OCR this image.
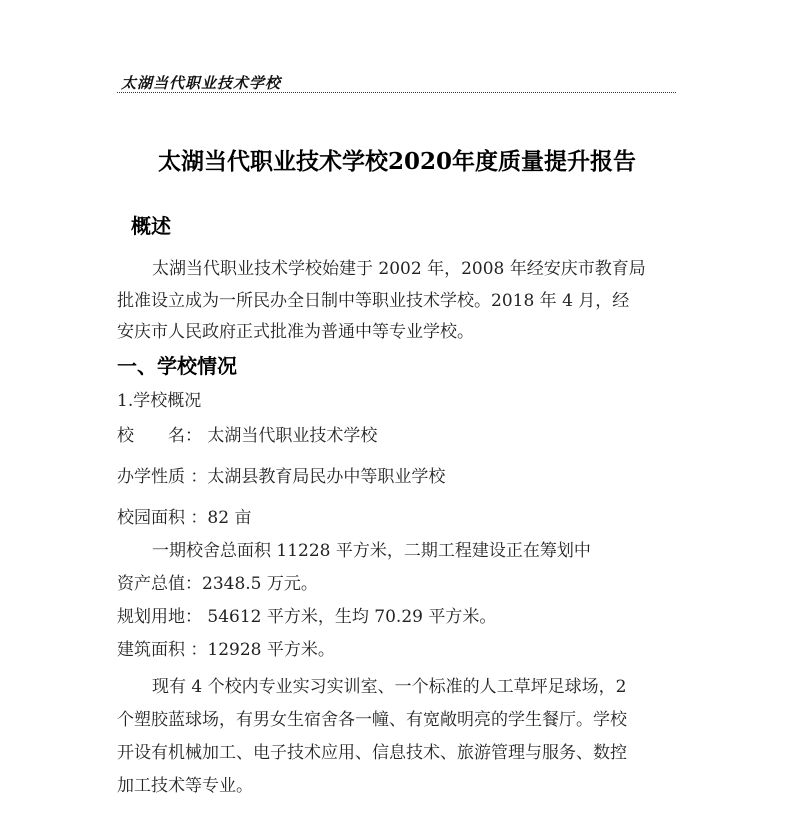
太湖当代职业技术学校
太湖当代职业技术学校2020年度质量提升报告
概述
太湖当代职业技术学校始建于 2002 年，2008 年经安庆市教育局
批准设立成为一所民办全日制中等职业技术学校。2018 年 4 月，经
安庆市人民政府正式批准为普通中等专业学校。
一、学校情况
1.学校概况
校　　名： 太湖当代职业技术学校
办学性质 ：太湖县教育局民办中等职业学校
校园面积 ：82 亩
一期校舍总面积 11228 平方米，二期工程建设正在筹划中
资产总值：2348.5 万元。
规划用地： 54612 平方米，生均 70.29 平方米。
建筑面积 ：12928 平方米。
现有 4 个校内专业实习实训室、一个标准的人工草坪足球场，2
个塑胶蓝球场，有男女生宿舍各一幢、有宽敞明亮的学生餐厅。学校
开设有机械加工、电子技术应用、信息技术、旅游管理与服务、数控
加工技术等专业。
